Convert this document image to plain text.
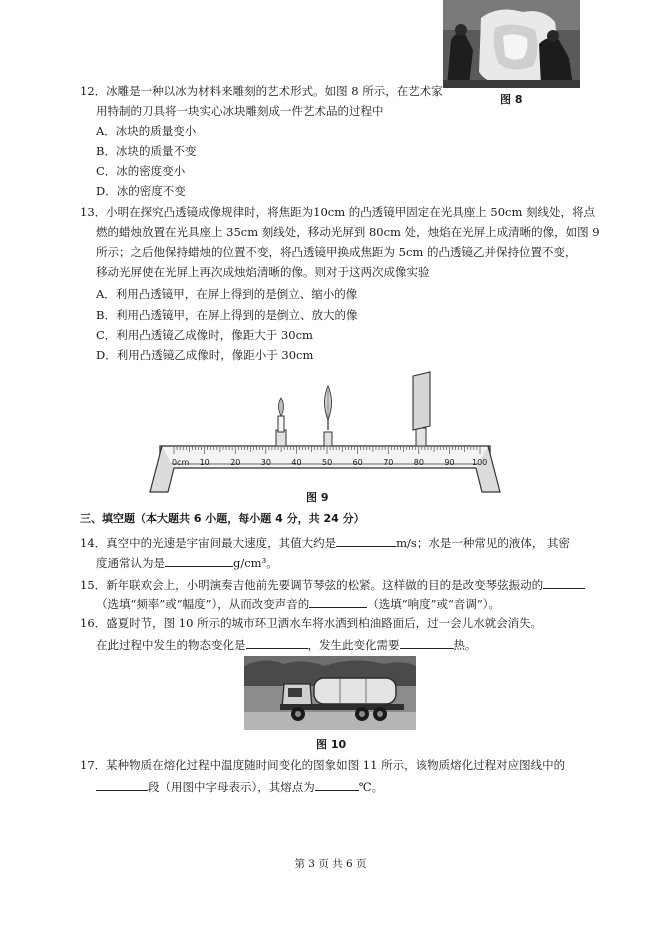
图 8
12．冰雕是一种以冰为材料来雕刻的艺术形式。如图 8 所示，在艺术家
用特制的刀具将一块实心冰块雕刻成一件艺术品的过程中
A．冰块的质量变小
B．冰块的质量不变
C．冰的密度变小
D．冰的密度不变
13．小明在探究凸透镜成像规律时，将焦距为10cm 的凸透镜甲固定在光具座上 50cm 刻线处，将点
燃的蜡烛放置在光具座上 35cm 刻线处，移动光屏到 80cm 处，烛焰在光屏上成清晰的像，如图 9
所示；之后他保持蜡烛的位置不变，将凸透镜甲换成焦距为 5cm 的凸透镜乙并保持位置不变，
移动光屏使在光屏上再次成烛焰清晰的像。则对于这两次成像实验
A．利用凸透镜甲，在屏上得到的是倒立、缩小的像
B．利用凸透镜甲，在屏上得到的是倒立、放大的像
C．利用凸透镜乙成像时，像距大于 30cm
D．利用凸透镜乙成像时，像距小于 30cm
0cm 10	20	30	40	50	60	70	80	90 100
图 9
三、填空题（本大题共 6 小题，每小题 4 分，共 24 分）
14．真空中的光速是宇宙间最大速度，其值大约是	m/s；水是一种常见的液体， 其密
度通常认为是	g/cm³。
15．新年联欢会上，小明演奏吉他前先要调节琴弦的松紧。这样做的目的是改变琴弦振动的
（选填“频率”或“幅度”），从而改变声音的	（选填“响度”或“音调”）。
16．盛夏时节，图 10 所示的城市环卫洒水车将水洒到柏油路面后，过一会儿水就会消失。
在此过程中发生的物态变化是	，发生此变化需要	热。
图 10
17．某种物质在熔化过程中温度随时间变化的图象如图 11 所示，该物质熔化过程对应图线中的
段（用图中字母表示），其熔点为	℃。
第 3 页 共 6 页
